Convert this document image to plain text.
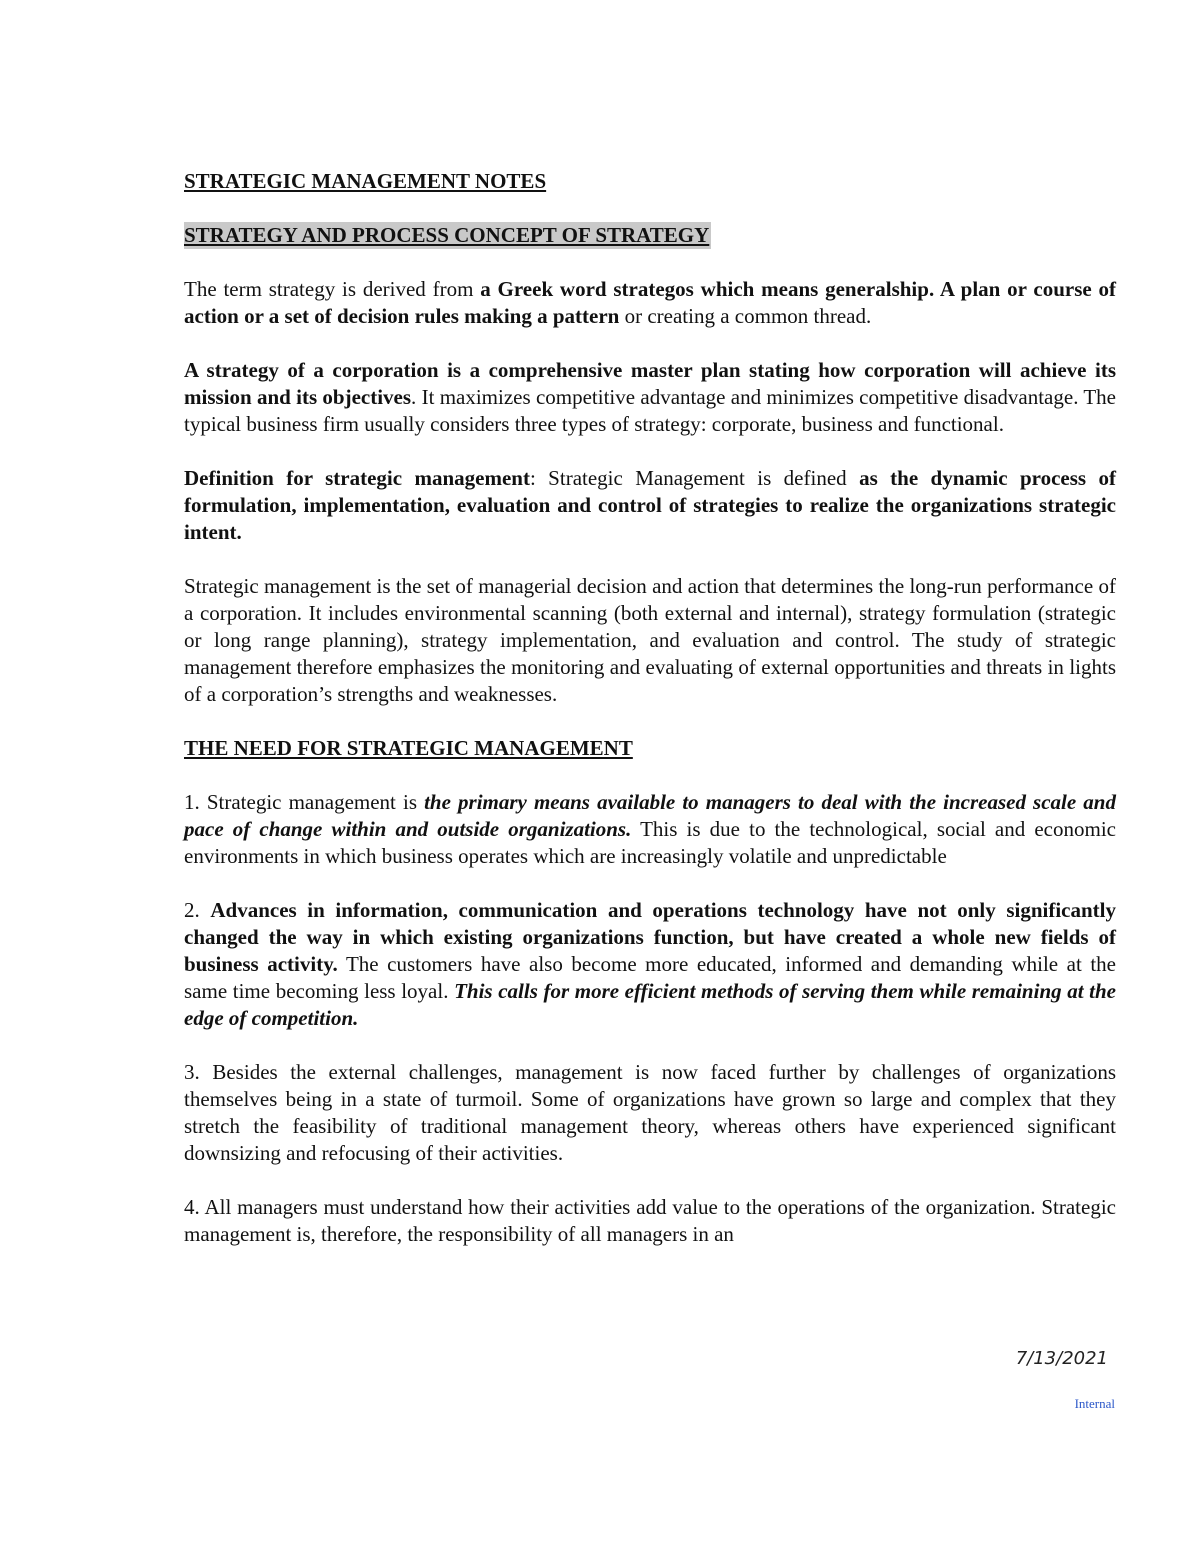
STRATEGIC MANAGEMENT NOTES
STRATEGY AND PROCESS CONCEPT OF STRATEGY

The term strategy is derived from a Greek word strategos which means generalship. A plan or course of action or a set of decision rules making a pattern or creating a common thread.

A strategy of a corporation is a comprehensive master plan stating how corporation will achieve its mission and its objectives. It maximizes competitive advantage and minimizes competitive disadvantage. The typical business firm usually considers three types of strategy: corporate, business and functional.

Definition for strategic management: Strategic Management is defined as the dynamic process of formulation, implementation, evaluation and control of strategies to realize the organizations strategic intent.

Strategic management is the set of managerial decision and action that determines the long-run performance of a corporation. It includes environmental scanning (both external and internal), strategy formulation (strategic or long range planning), strategy implementation, and evaluation and control. The study of strategic management therefore emphasizes the monitoring and evaluating of external opportunities and threats in lights of a corporation’s strengths and weaknesses.

THE NEED FOR STRATEGIC MANAGEMENT

1. Strategic management is the primary means available to managers to deal with the increased scale and pace of change within and outside organizations. This is due to the technological, social and economic environments in which business operates which are increasingly volatile and unpredictable

2. Advances in information, communication and operations technology have not only significantly changed the way in which existing organizations function, but have created a whole new fields of business activity. The customers have also become more educated, informed and demanding while at the same time becoming less loyal. This calls for more efficient methods of serving them while remaining at the edge of competition.

3. Besides the external challenges, management is now faced further by challenges of organizations themselves being in a state of turmoil. Some of organizations have grown so large and complex that they stretch the feasibility of traditional management theory, whereas others have experienced significant downsizing and refocusing of their activities.

4. All managers must understand how their activities add value to the operations of the organization. Strategic management is, therefore, the responsibility of all managers in an

7/13/2021
Internal
